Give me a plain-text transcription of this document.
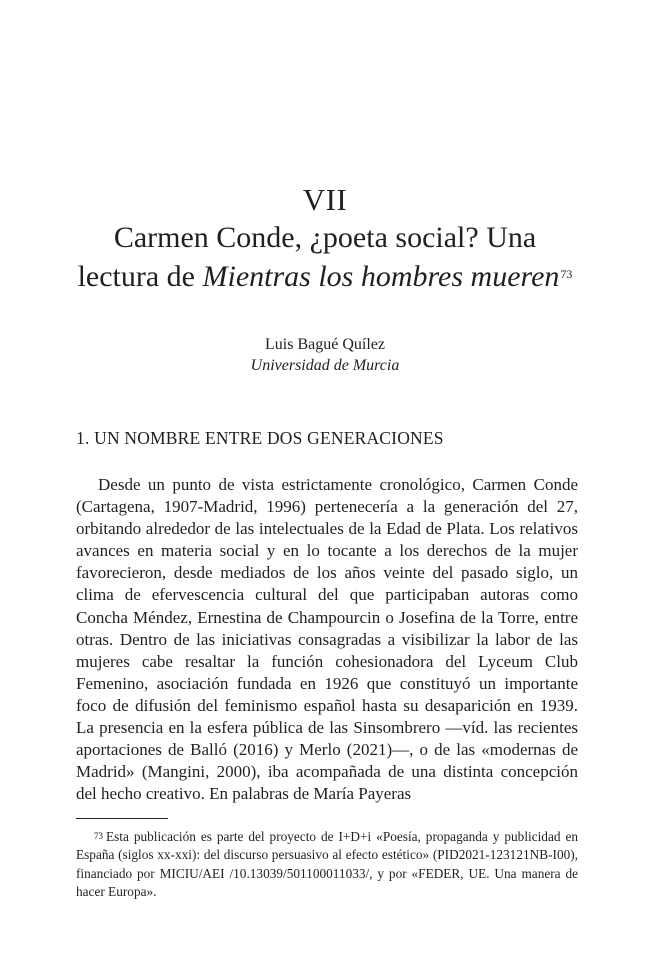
VII
Carmen Conde, ¿poeta social? Una
lectura de Mientras los hombres mueren$^{73}$
Luis Bagué Quílez
Universidad de Murcia
1. UN NOMBRE ENTRE DOS GENERACIONES

Desde un punto de vista estrictamente cronológico, Carmen Conde (Cartagena, 1907-Madrid, 1996) pertenecería a la generación del 27, orbitando alrededor de las intelectuales de la Edad de Plata. Los relativos avances en materia social y en lo tocante a los derechos de la mujer favorecieron, desde mediados de los años veinte del pasado siglo, un clima de efervescencia cultural del que participaban autoras como Concha Méndez, Ernestina de Champourcin o Josefina de la Torre, entre otras. Dentro de las iniciativas consagradas a visibilizar la labor de las mujeres cabe resaltar la función cohesionadora del Lyceum Club Femenino, asociación fundada en 1926 que constituyó un importante foco de difusión del feminismo español hasta su desaparición en 1939. La presencia en la esfera pública de las Sinsombrero —víd. las recientes aportaciones de Balló (2016) y Merlo (2021)—, o de las «modernas de Madrid» (Mangini, 2000), iba acompañada de una distinta concepción del hecho creativo. En palabras de María Payeras

$^{73}$ Esta publicación es parte del proyecto de I+D+i «Poesía, propaganda y publicidad en España (siglos xx-xxi): del discurso persuasivo al efecto estético» (PID2021-123121NB-I00), financiado por MICIU/AEI /10.13039/501100011033/, y por «FEDER, UE. Una manera de hacer Europa».
